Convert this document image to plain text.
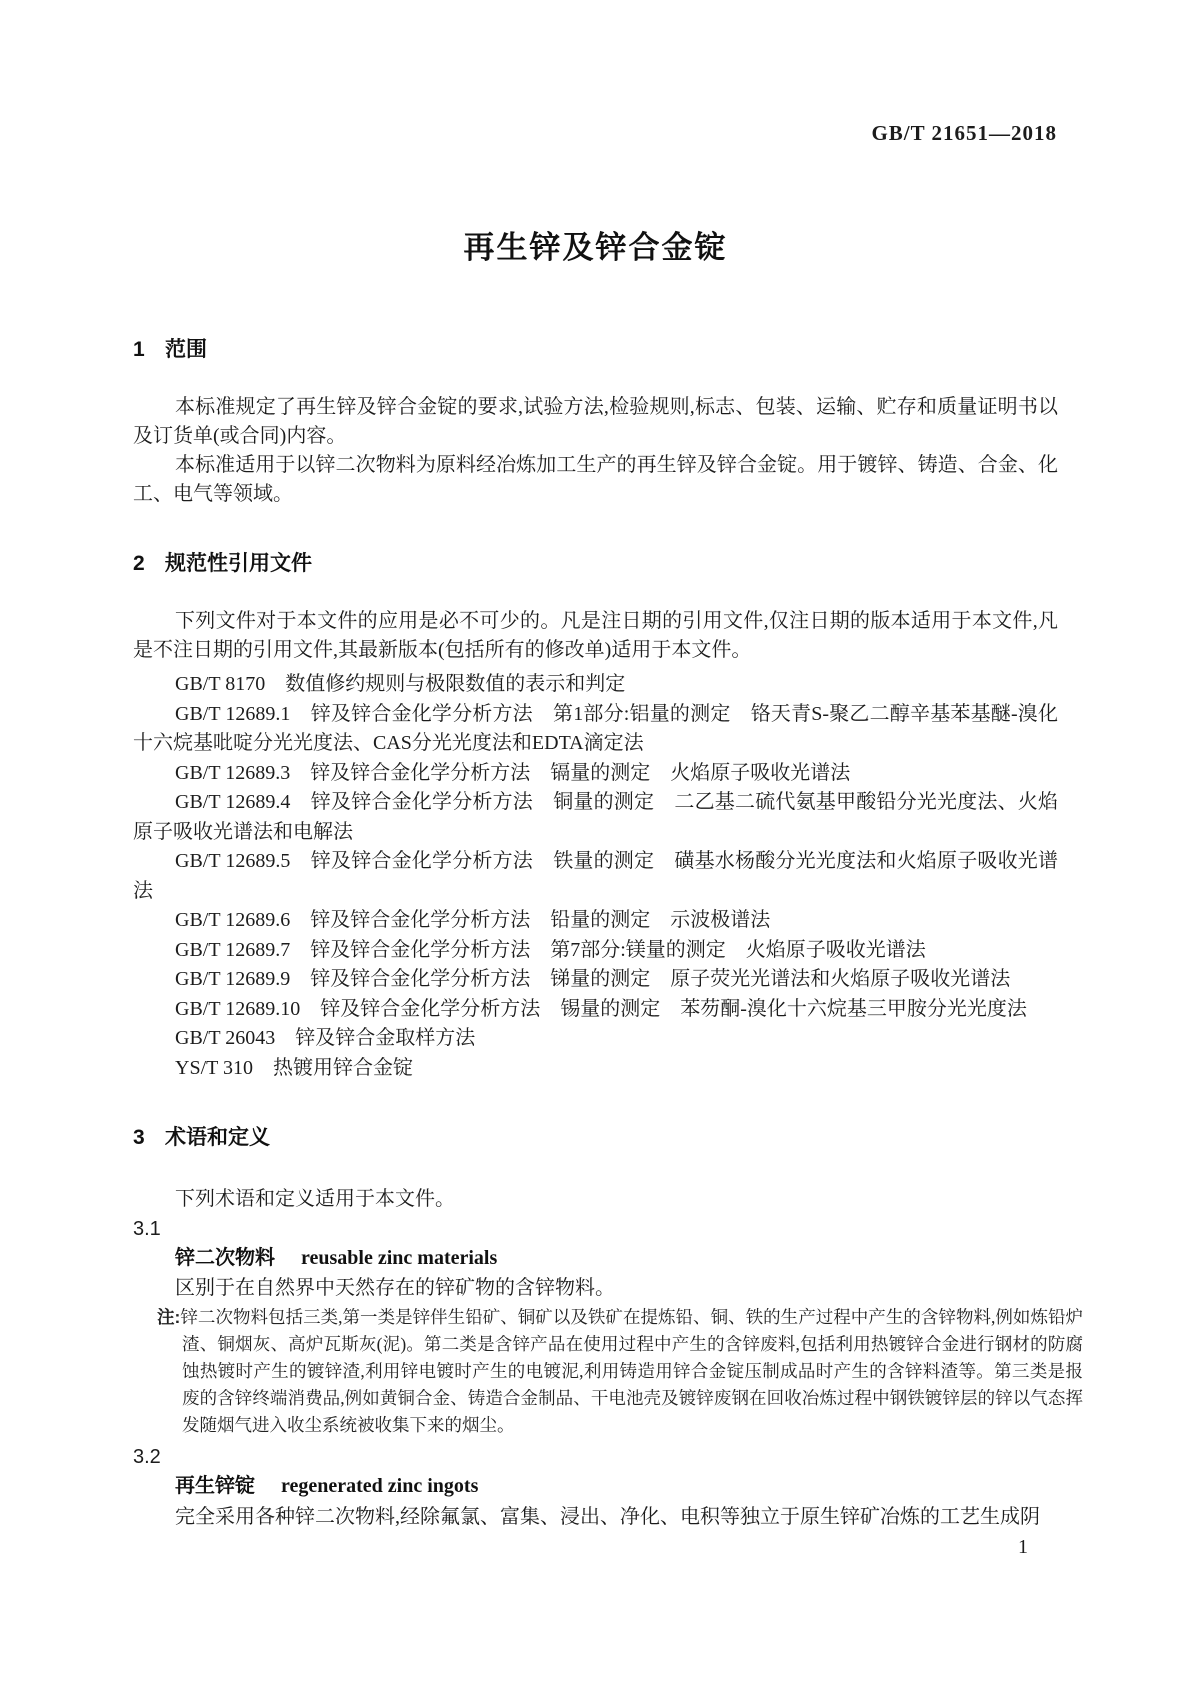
GB/T 21651—2018
再生锌及锌合金锭
1 范围

本标准规定了再生锌及锌合金锭的要求,试验方法,检验规则,标志、包装、运输、贮存和质量证明书以及订货单(或合同)内容。

本标准适用于以锌二次物料为原料经冶炼加工生产的再生锌及锌合金锭。用于镀锌、铸造、合金、化工、电气等领域。

2 规范性引用文件

下列文件对于本文件的应用是必不可少的。凡是注日期的引用文件,仅注日期的版本适用于本文件,凡是不注日期的引用文件,其最新版本(包括所有的修改单)适用于本文件。

GB/T 8170　数值修约规则与极限数值的表示和判定

GB/T 12689.1　锌及锌合金化学分析方法　第1部分:铝量的测定　铬天青S-聚乙二醇辛基苯基醚-溴化十六烷基吡啶分光光度法、CAS分光光度法和EDTA滴定法

GB/T 12689.3　锌及锌合金化学分析方法　镉量的测定　火焰原子吸收光谱法

GB/T 12689.4　锌及锌合金化学分析方法　铜量的测定　二乙基二硫代氨基甲酸铅分光光度法、火焰原子吸收光谱法和电解法

GB/T 12689.5　锌及锌合金化学分析方法　铁量的测定　磺基水杨酸分光光度法和火焰原子吸收光谱法

GB/T 12689.6　锌及锌合金化学分析方法　铅量的测定　示波极谱法

GB/T 12689.7　锌及锌合金化学分析方法　第7部分:镁量的测定　火焰原子吸收光谱法

GB/T 12689.9　锌及锌合金化学分析方法　锑量的测定　原子荧光光谱法和火焰原子吸收光谱法

GB/T 12689.10　锌及锌合金化学分析方法　锡量的测定　苯芴酮-溴化十六烷基三甲胺分光光度法

GB/T 26043　锌及锌合金取样方法

YS/T 310　热镀用锌合金锭

3 术语和定义

下列术语和定义适用于本文件。

3.1
锌二次物料 reusable zinc materials

区别于在自然界中天然存在的锌矿物的含锌物料。

注:锌二次物料包括三类,第一类是锌伴生铅矿、铜矿以及铁矿在提炼铅、铜、铁的生产过程中产生的含锌物料,例如炼铅炉渣、铜烟灰、高炉瓦斯灰(泥)。第二类是含锌产品在使用过程中产生的含锌废料,包括利用热镀锌合金进行钢材的防腐蚀热镀时产生的镀锌渣,利用锌电镀时产生的电镀泥,利用铸造用锌合金锭压制成品时产生的含锌料渣等。第三类是报废的含锌终端消费品,例如黄铜合金、铸造合金制品、干电池壳及镀锌废钢在回收冶炼过程中钢铁镀锌层的锌以气态挥发随烟气进入收尘系统被收集下来的烟尘。
3.2
再生锌锭 regenerated zinc ingots

完全采用各种锌二次物料,经除氟氯、富集、浸出、净化、电积等独立于原生锌矿冶炼的工艺生成阴

1
